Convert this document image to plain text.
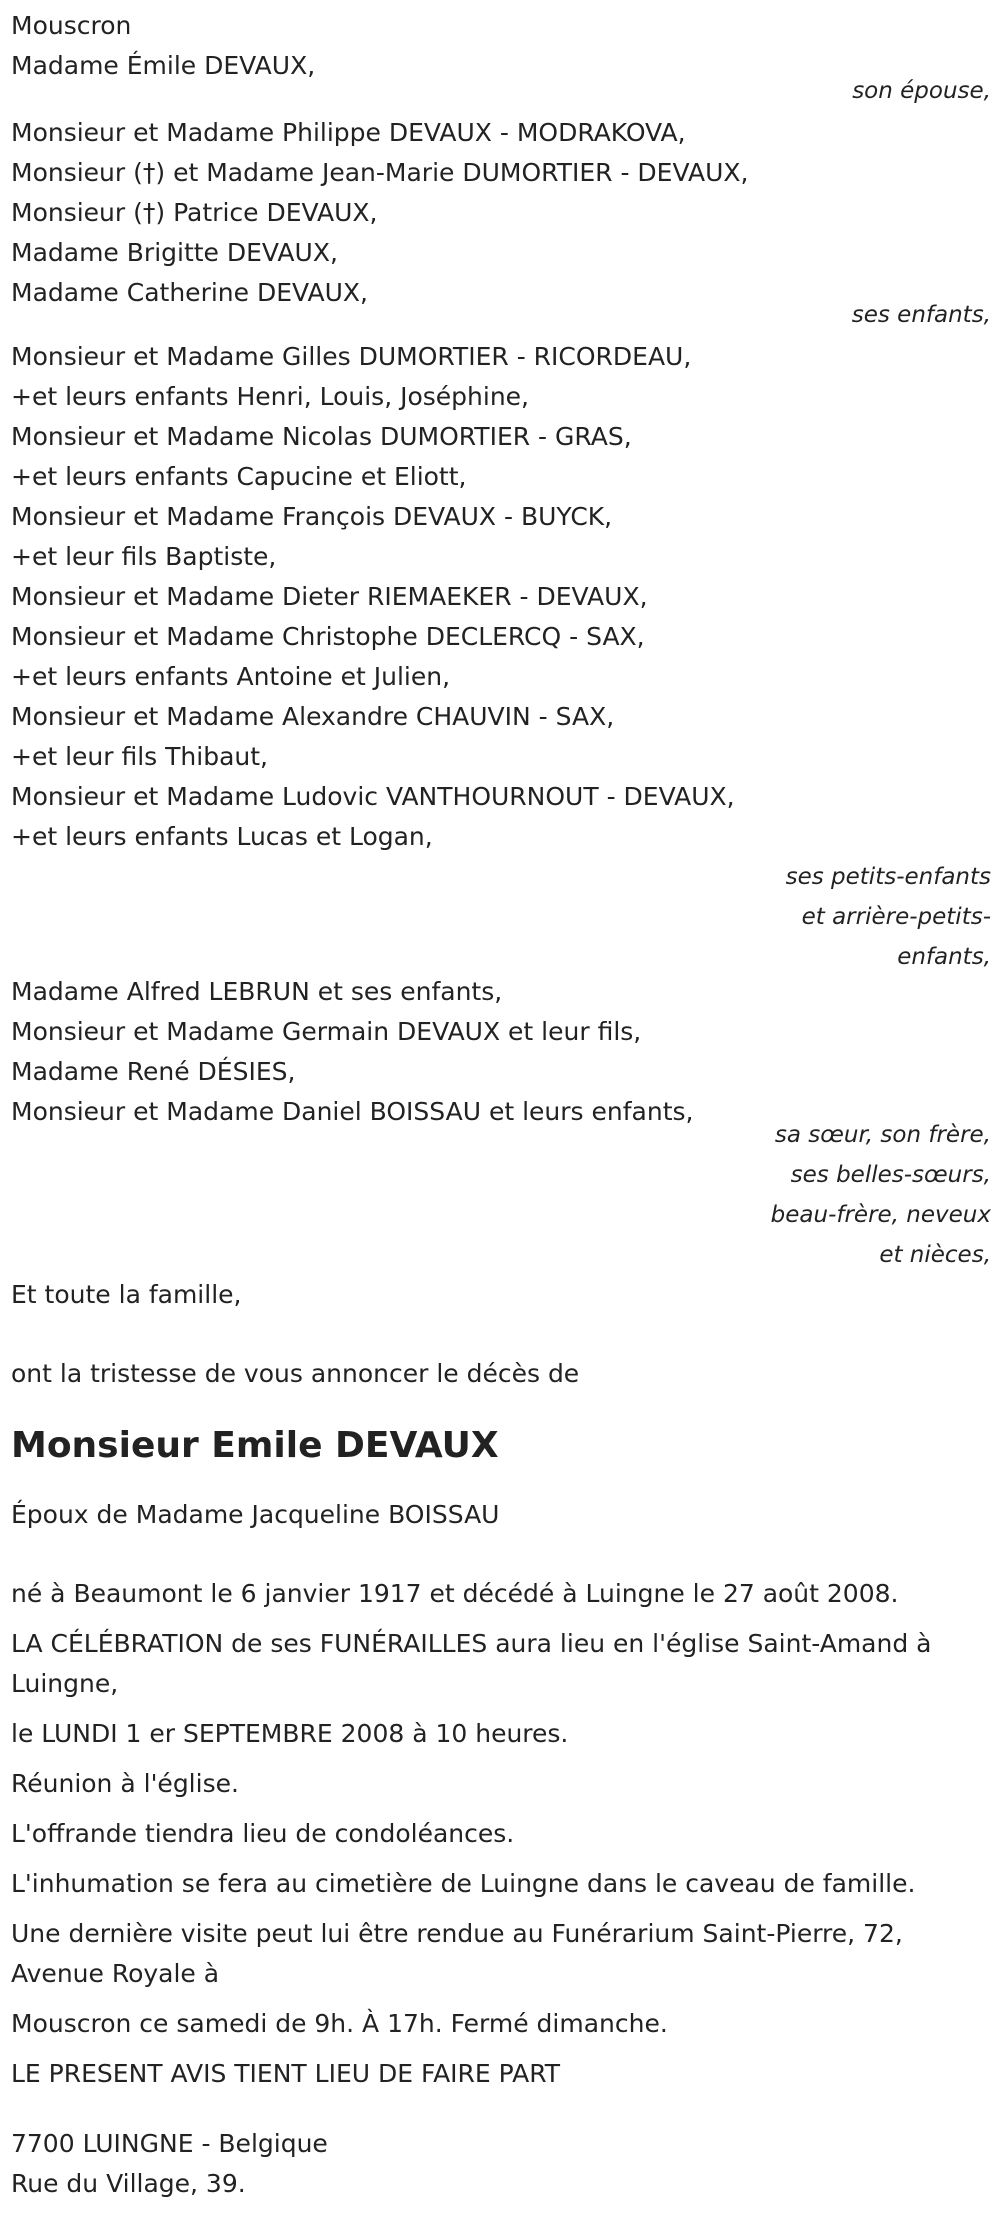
Mouscron
Madame Émile DEVAUX,
son épouse,
Monsieur et Madame Philippe DEVAUX - MODRAKOVA,
Monsieur (†) et Madame Jean-Marie DUMORTIER - DEVAUX,
Monsieur (†) Patrice DEVAUX,
Madame Brigitte DEVAUX,
Madame Catherine DEVAUX,
ses enfants,
Monsieur et Madame Gilles DUMORTIER - RICORDEAU,
+et leurs enfants Henri, Louis, Joséphine,
Monsieur et Madame Nicolas DUMORTIER - GRAS,
+et leurs enfants Capucine et Eliott,
Monsieur et Madame François DEVAUX - BUYCK,
+et leur fils Baptiste,
Monsieur et Madame Dieter RIEMAEKER - DEVAUX,
Monsieur et Madame Christophe DECLERCQ - SAX,
+et leurs enfants Antoine et Julien,
Monsieur et Madame Alexandre CHAUVIN - SAX,
+et leur fils Thibaut,
Monsieur et Madame Ludovic VANTHOURNOUT - DEVAUX,
+et leurs enfants Lucas et Logan,
ses petits-enfants
et arrière-petits-
enfants,
Madame Alfred LEBRUN et ses enfants,
Monsieur et Madame Germain DEVAUX et leur fils,
Madame René DÉSIES,
Monsieur et Madame Daniel BOISSAU et leurs enfants,
sa sœur, son frère,
ses belles-sœurs,
beau-frère, neveux
et nièces,
Et toute la famille,
ont la tristesse de vous annoncer le décès de
Monsieur Emile DEVAUX
Époux de Madame Jacqueline BOISSAU
né à Beaumont le 6 janvier 1917 et décédé à Luingne le 27 août 2008.
LA CÉLÉBRATION de ses FUNÉRAILLES aura lieu en l'église Saint-Amand à Luingne,
le LUNDI 1 er SEPTEMBRE 2008 à 10 heures.
Réunion à l'église.
L'offrande tiendra lieu de condoléances.
L'inhumation se fera au cimetière de Luingne dans le caveau de famille.
Une dernière visite peut lui être rendue au Funérarium Saint-Pierre, 72, Avenue Royale à
Mouscron ce samedi de 9h. À 17h. Fermé dimanche.
LE PRESENT AVIS TIENT LIEU DE FAIRE PART
7700 LUINGNE - Belgique
Rue du Village, 39.
